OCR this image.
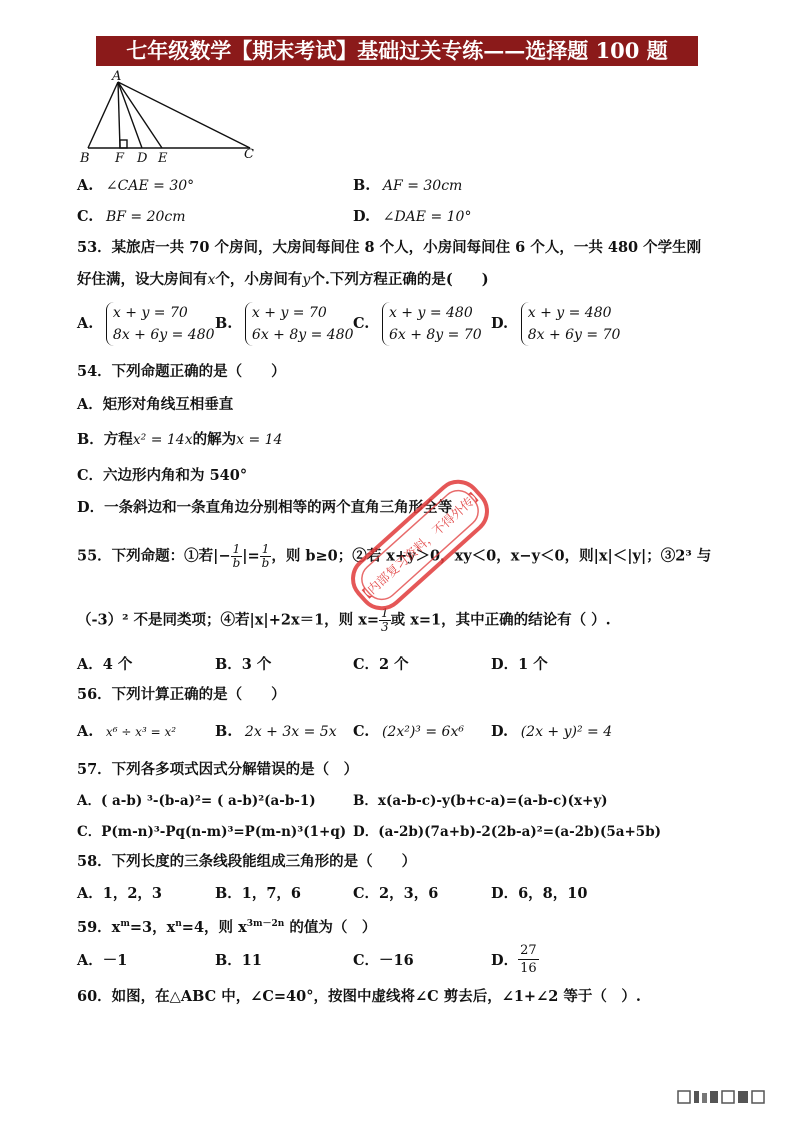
七年级数学【期末考试】基础过关专练——选择题 100 题
A
B F D E	C
A. ∠CAE = 30°	B. AF = 30cm
C. BF = 20cm	D. ∠DAE = 10°
53．某旅店一共 70 个房间，大房间每间住 8 个人，小房间每间住 6 个人，一共 480 个学生刚
好住满，设大房间有x个，小房间有y个.下列方程正确的是(　　)
A.
x + y = 70
8x + 6y = 480
B.
x + y = 70
6x + 8y = 480
C.
x + y = 480
6x + 8y = 70
D.
x + y = 480
8x + 6y = 70
54．下列命题正确的是（　　）
A．矩形对角线互相垂直
B．方程x² = 14x的解为x = 14
C．六边形内角和为 540°
D．一条斜边和一条直角边分别相等的两个直角三角形全等
55．下列命题：①若|− $\frac{1}{b}$ |= $\frac{1}{b}$ ，则 b≥0；②若 x+y＞0，xy＜0，x−y＜0，则|x|＜|y|；③2³ 与
（-3）² 不是同类项；④若|x|+2x＝1，则 $x= \frac{1}{3}$ 或 x=1，其中正确的结论有（ ）.
A．4 个	B．3 个	C．2 个	D．1 个
56．下列计算正确的是（　　）
A. x⁶ ÷ x³ = x²	B. 2x + 3x = 5x C. (2x²)³ = 6x⁶ D. (2x + y)² = 4
57．下列各多项式因式分解错误的是（　）
A．( a-b) ³-(b-a)²= ( a-b)²(a-b-1)	B．x(a-b-c)-y(b+c-a)=(a-b-c)(x+y)
C．P(m-n)³-Pq(n-m)³=P(m-n)³(1+q) D．(a-2b)(7a+b)-2(2b-a)²=(a-2b)(5a+5b)
58．下列长度的三条线段能组成三角形的是（　　）
A．1，2，3	B．1，7，6	C．2，3，6	D．6，8，10
59．$x^m=3$，$x^n=4$，则 $x^{3m-2n}$ 的值为（　）
A．－1	B．11	C．－16	D． $\frac{27}{16}$
60．如图，在△ABC 中，∠C=40°，按图中虚线将∠C 剪去后，∠1+∠2 等于（　）.
【内部复习资料，不得外传】
